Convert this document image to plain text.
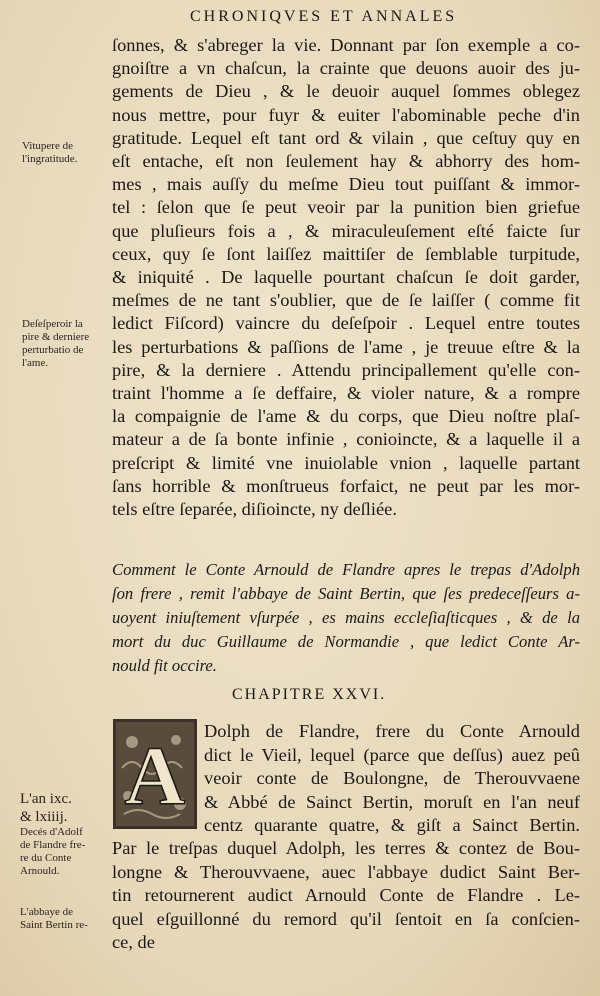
CHRONIQVES ET ANNALES
Vitupere de
l'ingratitude.
Deſeſperoir la
pire & derniere
perturbatio de
l'ame.
L'an ixc.
& lxiiij.
Decés d'Adolf
de Flandre fre-
re du Conte
Arnould.
L'abbaye de
Saint Bertin re-
ſonnes, & s'abreger la vie. Donnant par ſon exemple a co-
gnoiſtre a vn chaſcun, la crainte que deuons auoir des ju-
gements de Dieu , & le deuoir auquel ſommes oblegez
nous mettre, pour fuyr & euiter l'abominable peche d'in
gratitude. Lequel eſt tant ord & vilain , que ceſtuy quy en
eſt entache, eſt non ſeulement hay & abhorry des hom-
mes , mais auſſy du meſme Dieu tout puiſſant & immor-
tel : ſelon que ſe peut veoir par la punition bien griefue
que pluſieurs fois a , & miraculeuſement eſté faicte ſur
ceux, quy ſe ſont laiſſez maittiſer de ſemblable turpitude,
& iniquité . De laquelle pourtant chaſcun ſe doit garder,
meſmes de ne tant s'oublier, que de ſe laiſſer ( comme fit
ledict Fiſcord) vaincre du deſeſpoir . Lequel entre toutes
les perturbations & paſſions de l'ame , je treuue eſtre & la
pire, & la derniere . Attendu principallement qu'elle con-
traint l'homme a ſe deffaire, & violer nature, & a rompre
la compaignie de l'ame & du corps, que Dieu noſtre plaſ-
mateur a de ſa bonte infinie , conioincte, & a laquelle il a
preſcript & limité vne inuiolable vnion , laquelle partant
ſans horrible & monſtrueus forfaict, ne peut par les mor-
tels eſtre ſeparée, diſioincte, ny deſliée.
Comment le Conte Arnould de Flandre apres le trepas d'Adolph
ſon frere , remit l'abbaye de Saint Bertin, que ſes predeceſſeurs a-
uoyent iniuſtement vſurpée , es mains eccleſiaſticques , & de la
mort du duc Guillaume de Normandie , que ledict Conte Ar-
nould fit occire.
CHAPITRE XXVI.
A Dolph de Flandre, frere du Conte Arnould
dict le Vieil, lequel (parce que deſſus) auez peû
veoir conte de Boulongne, de Therouvvaene
& Abbé de Sainct Bertin, moruſt en l'an neuf
centz quarante quatre, & giſt a Sainct Bertin.
Par le treſpas duquel Adolph, les terres & contez de Bou-
longne & Therouvvaene, auec l'abbaye dudict Saint Ber-
tin retournerent audict Arnould Conte de Flandre . Le-
quel eſguillonné du remord qu'il ſentoit en ſa conſcien-
ce, de
